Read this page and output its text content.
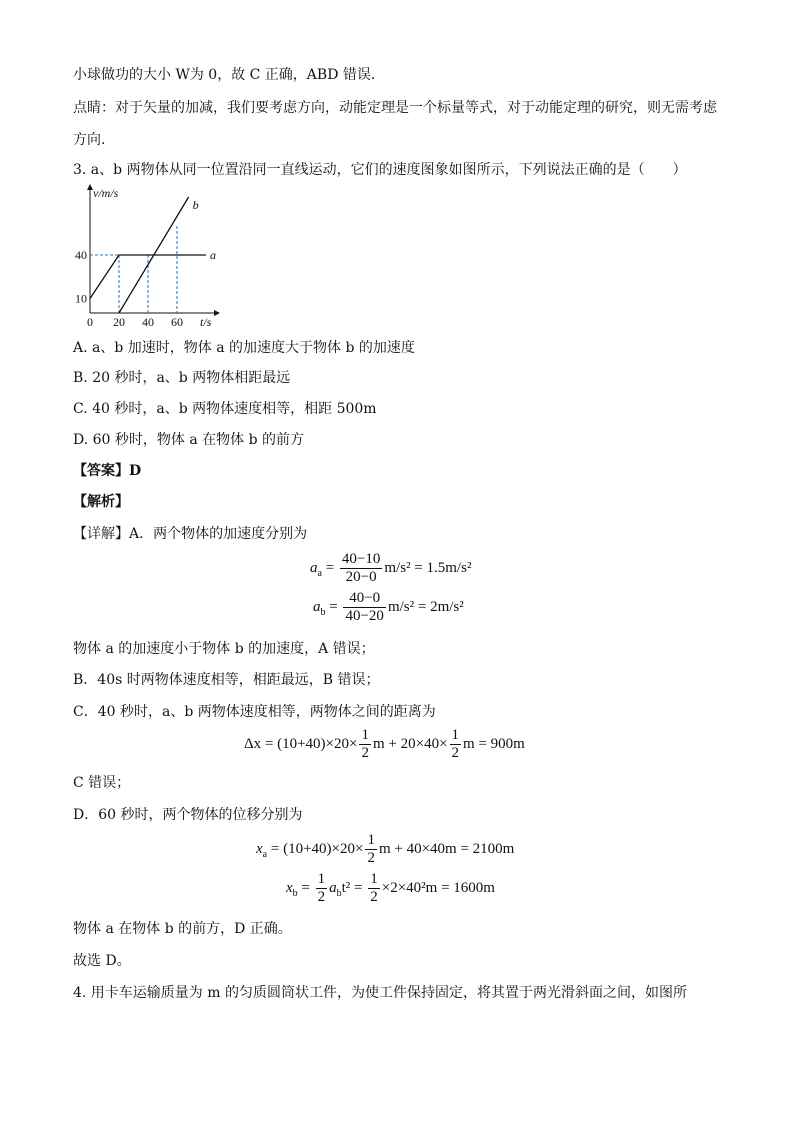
小球做功的大小 W为 0，故 C 正确，ABD 错误．
点睛：对于矢量的加减，我们要考虑方向，动能定理是一个标量等式，对于动能定理的研究，则无需考虑
方向．
3. a、b 两物体从同一位置沿同一直线运动，它们的速度图象如图所示，下列说法正确的是（　　）
v/m/s
t/s
0 20 40 60
10
40	a
b
A. a、b 加速时，物体 a 的加速度大于物体 b 的加速度
B. 20 秒时，a、b 两物体相距最远
C. 40 秒时，a、b 两物体速度相等，相距 500m
D. 60 秒时，物体 a 在物体 b 的前方
【答案】D
【解析】
【详解】A．两个物体的加速度分别为
$a_a = \frac{40-10}{20-0} m/s^2 = 1.5m/s^2$
$a_b = \frac{40-0}{40-20} m/s^2 = 2m/s^2$
物体 a 的加速度小于物体 b 的加速度，A 错误；
B．40s 时两物体速度相等，相距最远，B 错误；
C．40 秒时，a、b 两物体速度相等，两物体之间的距离为
$\Delta x = (10+40)\times 20\times \frac{1}{2}$ $m + 20\times 40\times \frac{1}{2}$ m = 900m
C 错误；
D．60 秒时，两个物体的位移分别为
$x_a = (10+40)\times 20\times \frac{1}{2}$ m + 40×40m = 2100m
$x_b = \frac{1}{2} a_bt^2 = \frac{1}{2} \times 2\times 40^2m = 1600m$
物体 a 在物体 b 的前方，D 正确。
故选 D。
4. 用卡车运输质量为 m 的匀质圆筒状工件，为使工件保持固定，将其置于两光滑斜面之间，如图所
